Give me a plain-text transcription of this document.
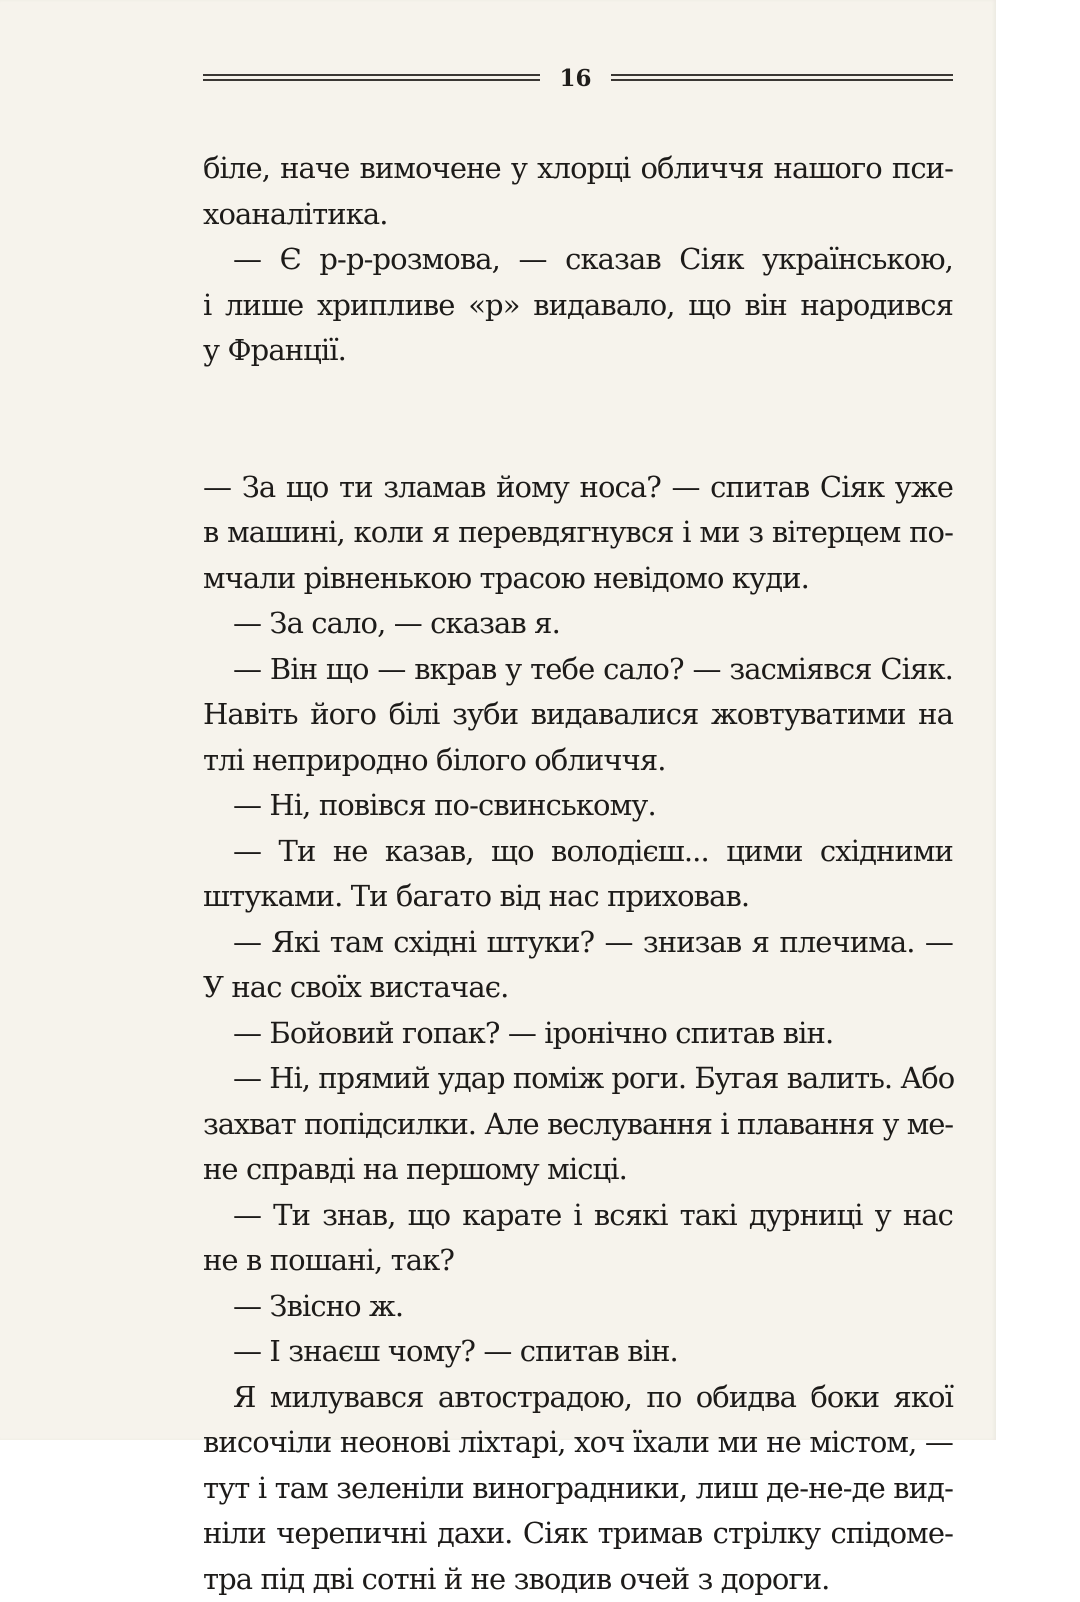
16
біле, наче вимочене у хлорці обличчя нашого пси-
хоаналітика.
— Є р-р-розмова, — сказав Сіяк українською,
і лише хрипливе «р» видавало, що він народився
у Франції.
— За що ти зламав йому носа? — спитав Сіяк уже
в машині, коли я перевдягнувся і ми з вітерцем по-
мчали рівненькою трасою невідомо куди.
— За сало, — сказав я.
— Він що — вкрав у тебе сало? — засміявся Сіяк.
Навіть його білі зуби видавалися жовтуватими на
тлі неприродно білого обличчя.
— Ні, повівся по-свинському.
— Ти не казав, що володієш... цими східними
штуками. Ти багато від нас приховав.
— Які там східні штуки? — знизав я плечима. —
У нас своїх вистачає.
— Бойовий гопак? — іронічно спитав він.
— Ні, прямий удар поміж роги. Бугая валить. Або
захват попідсилки. Але веслування і плавання у ме-
не справді на першому місці.
— Ти знав, що карате і всякі такі дурниці у нас
не в пошані, так?
— Звісно ж.
— І знаєш чому? — спитав він.
Я милувався автострадою, по обидва боки якої
височіли неонові ліхтарі, хоч їхали ми не містом, —
тут і там зеленіли виноградники, лиш де-не-де вид-
ніли черепичні дахи. Сіяк тримав стрілку спідоме-
тра під дві сотні й не зводив очей з дороги.
